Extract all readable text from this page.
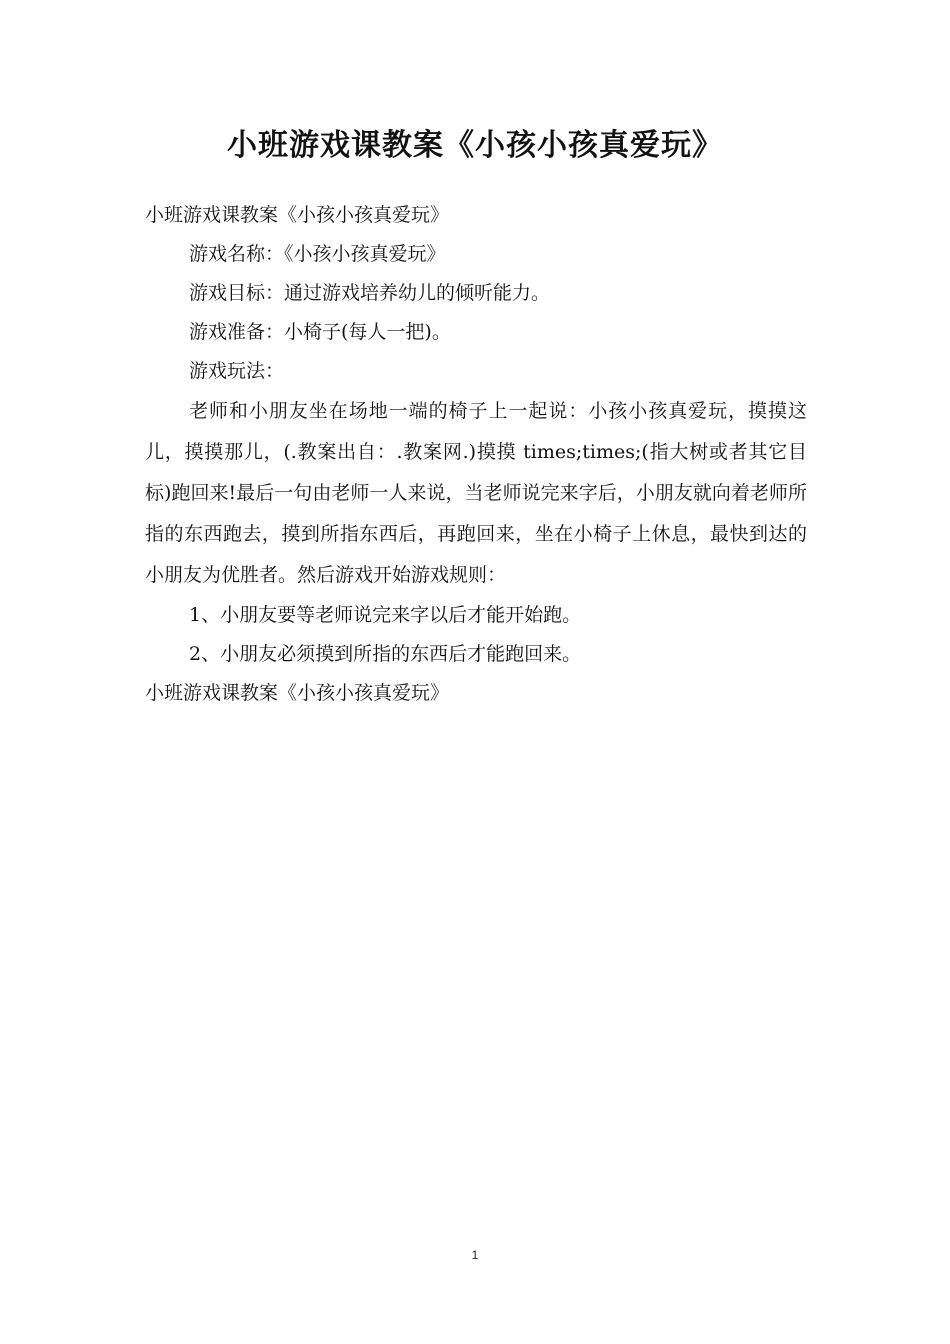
小班游戏课教案《小孩小孩真爱玩》

小班游戏课教案《小孩小孩真爱玩》

游戏名称：《小孩小孩真爱玩》

游戏目标：通过游戏培养幼儿的倾听能力。

游戏准备：小椅子(每人一把)。

游戏玩法：

老师和小朋友坐在场地一端的椅子上一起说：小孩小孩真爱玩，摸摸这儿，摸摸那儿，(.教案出自：.教案网.)摸摸 times;times;(指大树或者其它目标)跑回来!最后一句由老师一人来说，当老师说完来字后，小朋友就向着老师所指的东西跑去，摸到所指东西后，再跑回来，坐在小椅子上休息，最快到达的小朋友为优胜者。然后游戏开始游戏规则：

1、小朋友要等老师说完来字以后才能开始跑。

2、小朋友必须摸到所指的东西后才能跑回来。

小班游戏课教案《小孩小孩真爱玩》

1
